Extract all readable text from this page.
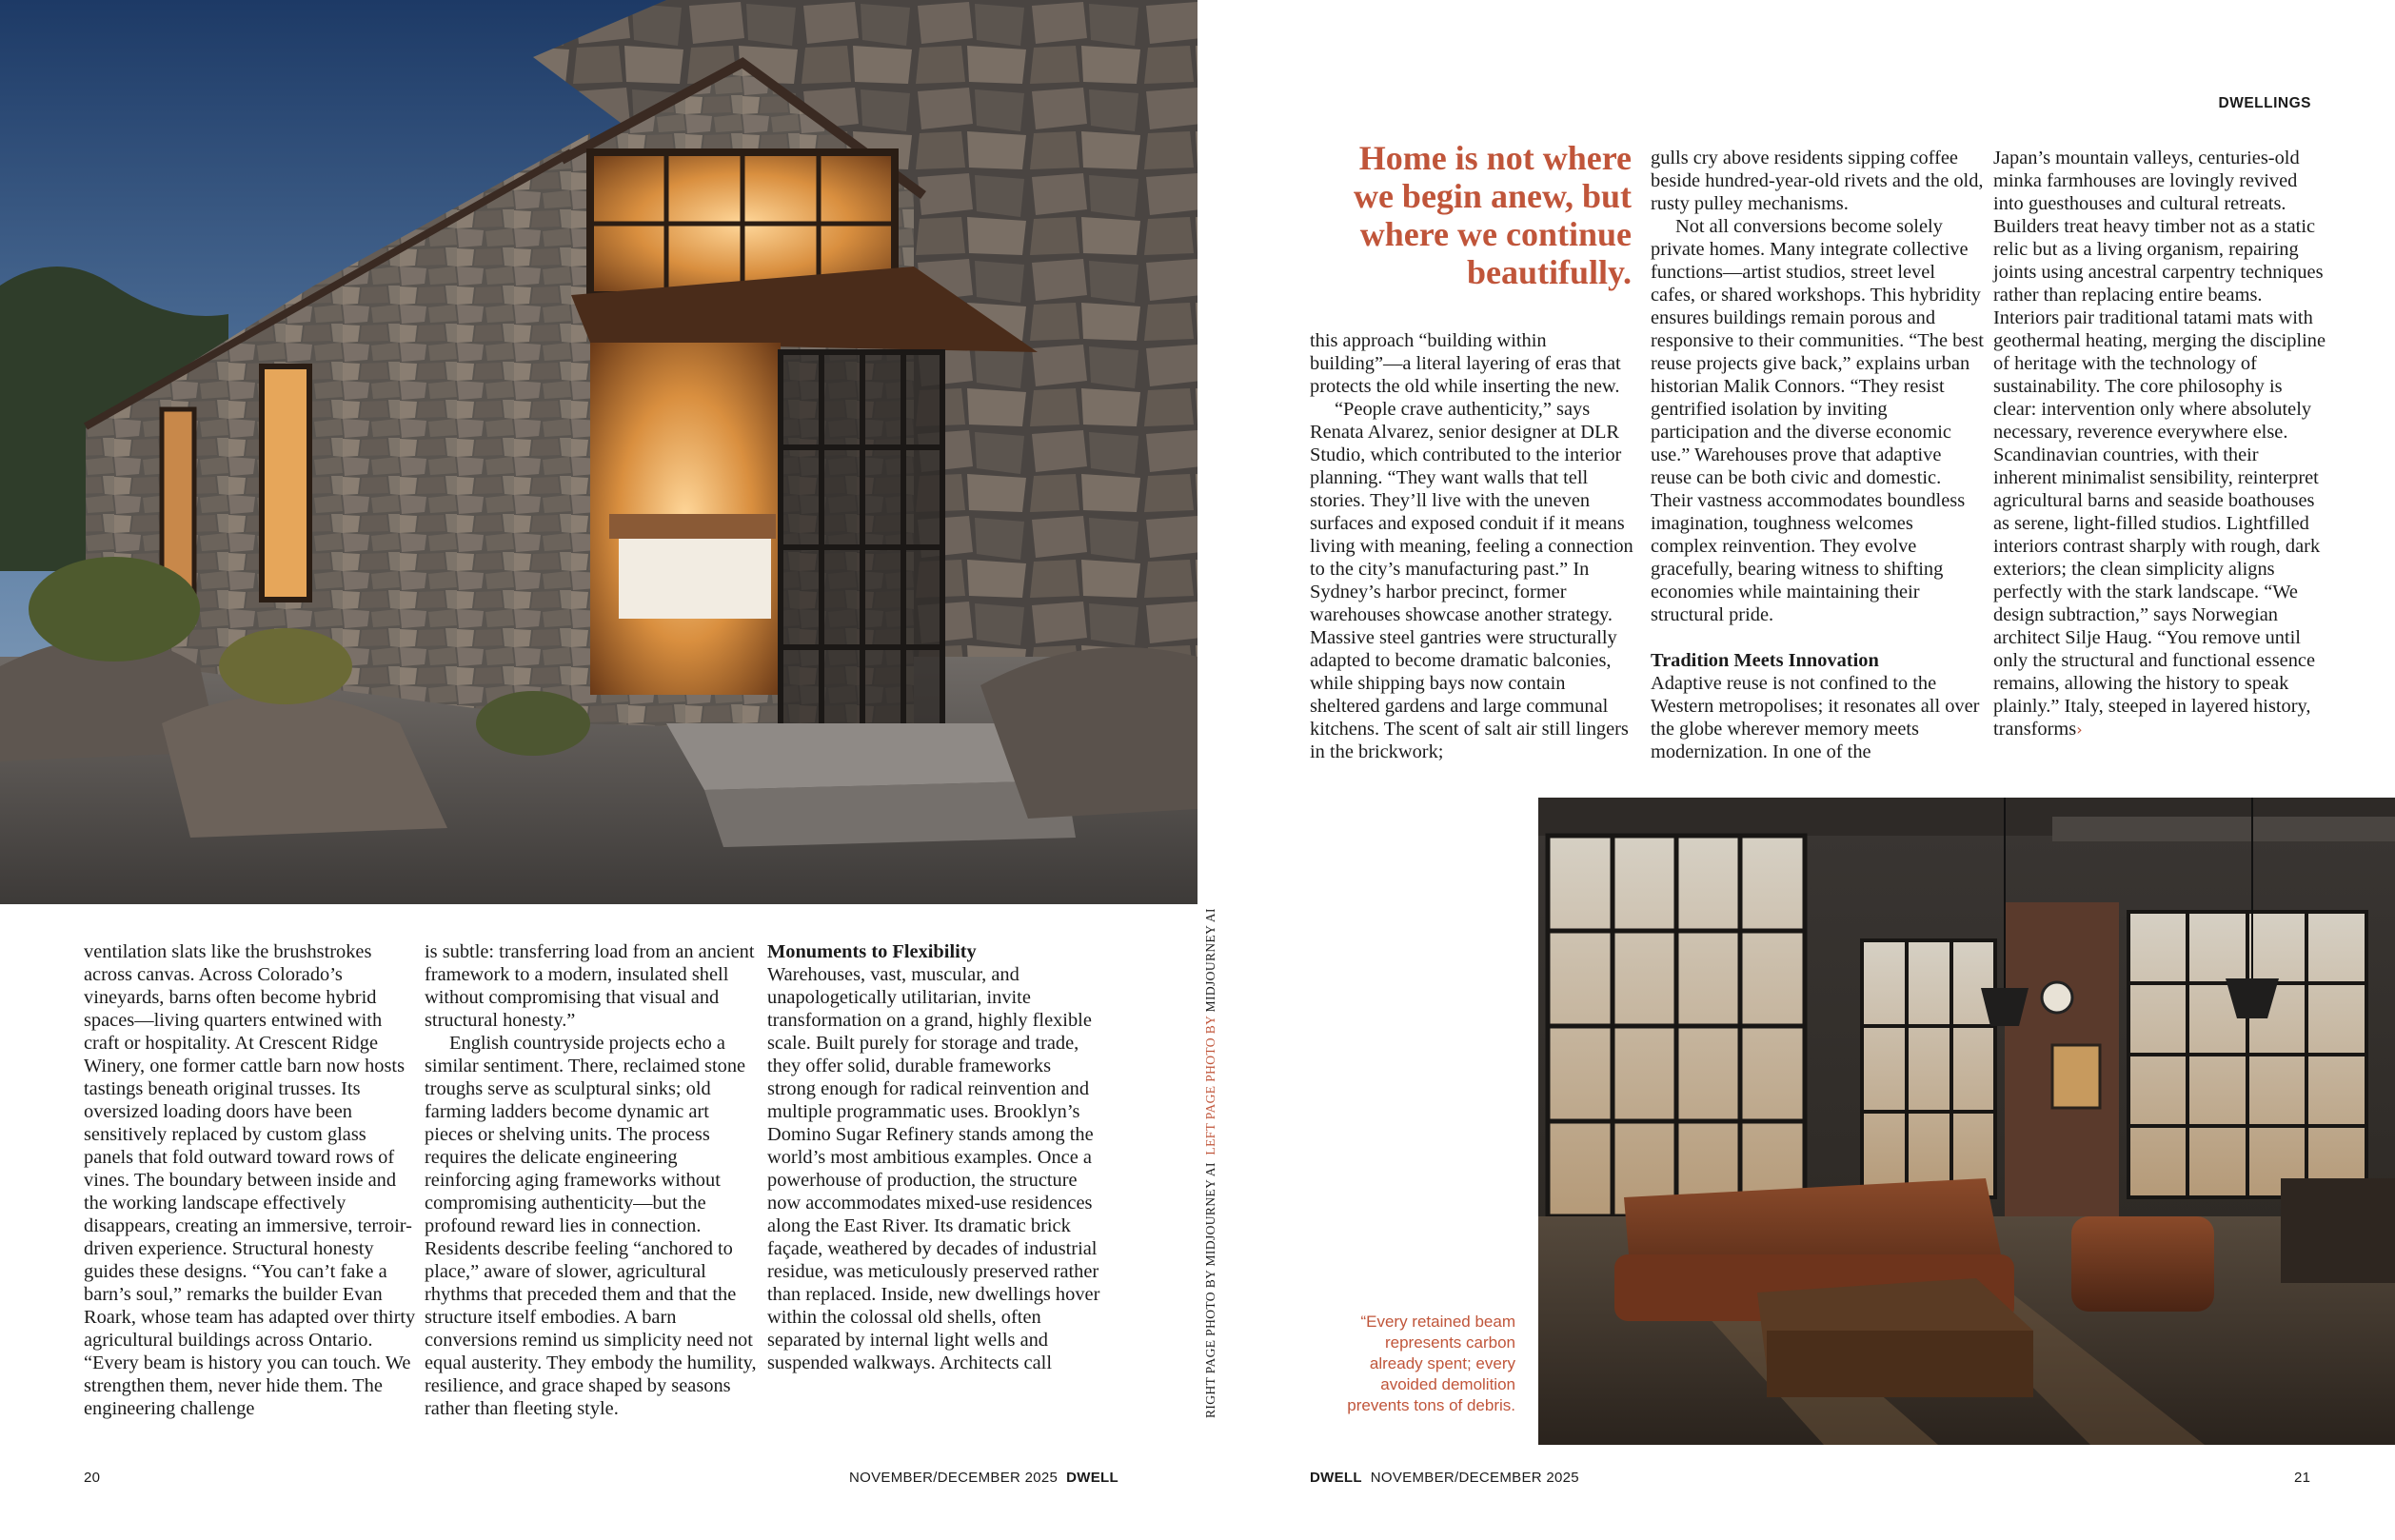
DWELLINGS
Home is not where
we begin anew, but
where we continue
beautifully.

ventilation slats like the brushstrokes across canvas. Across Colorado’s vineyards, barns often become hybrid spaces—living quarters entwined with craft or hospitality. At Crescent Ridge Winery, one former cattle barn now hosts tastings beneath original trusses. Its oversized loading doors have been sensitively replaced by custom glass panels that fold outward toward rows of vines. The boundary between inside and the working landscape effectively disappears, creating an immersive, terroir-driven experience. Structural honesty guides these designs. “You can’t fake a barn’s soul,” remarks the builder Evan Roark, whose team has adapted over thirty agricultural buildings across Ontario. “Every beam is history you can touch. We strengthen them, never hide them. The engineering challenge

is subtle: transferring load from an ancient framework to a modern, insulated shell without compromising that visual and structural honesty.”

English countryside projects echo a similar sentiment. There, reclaimed stone troughs serve as sculptural sinks; old farming ladders become dynamic art pieces or shelving units. The process requires the delicate engineering reinforcing aging frameworks without compromising authenticity—but the profound reward lies in connection. Residents describe feeling “anchored to place,” aware of slower, agricultural rhythms that preceded them and that the structure itself embodies. A barn conversions remind us simplicity need not equal austerity. They embody the humility, resilience, and grace shaped by seasons rather than fleeting style.

Monuments to Flexibility

Warehouses, vast, muscular, and unapologetically utilitarian, invite transformation on a grand, highly flexible scale. Built purely for storage and trade, they offer solid, durable frameworks strong enough for radical reinvention and multiple programmatic uses. Brooklyn’s Domino Sugar Refinery stands among the world’s most ambitious examples. Once a powerhouse of production, the structure now accommodates mixed-use residences along the East River. Its dramatic brick façade, weathered by decades of industrial residue, was meticulously preserved rather than replaced. Inside, new dwellings hover within the colossal old shells, often separated by internal light wells and suspended walkways. Architects call	RIGHT PAGE PHOTO BY MIDJOURNEY AI  LEFT PAGE PHOTO BY MIDJOURNEY AI

this approach “building within building”—a literal layering of eras that protects the old while inserting the new.

“People crave authenticity,” says Renata Alvarez, senior designer at DLR Studio, which contributed to the interior planning. “They want walls that tell stories. They’ll live with the uneven surfaces and exposed conduit if it means living with meaning, feeling a connection to the city’s manufacturing past.” In Sydney’s harbor precinct, former warehouses showcase another strategy. Massive steel gantries were structurally adapted to become dramatic balconies, while shipping bays now contain sheltered gardens and large communal kitchens. The scent of salt air still lingers in the brickwork;

gulls cry above residents sipping coffee beside hundred-year-old rivets and the old, rusty pulley mechanisms.

Not all conversions become solely private homes. Many integrate collective functions—artist studios, street level cafes, or shared workshops. This hybridity ensures buildings remain porous and responsive to their communities. “The best reuse projects give back,” explains urban historian Malik Connors. “They resist gentrified isolation by inviting participation and the diverse economic use.” Warehouses prove that adaptive reuse can be both civic and domestic. Their vastness accommodates boundless imagination, toughness welcomes complex reinvention. They evolve gracefully, bearing witness to shifting economies while maintaining their structural pride.

Tradition Meets Innovation

Adaptive reuse is not confined to the Western metropolises; it resonates all over the globe wherever memory meets modernization. In one of the

Japan’s mountain valleys, centuries-old minka farmhouses are lovingly revived into guesthouses and cultural retreats. Builders treat heavy timber not as a static relic but as a living organism, repairing joints using ancestral carpentry techniques rather than replacing entire beams. Interiors pair traditional tatami mats with geothermal heating, merging the discipline of heritage with the technology of sustainability. The core philosophy is clear: intervention only where absolutely necessary, reverence everywhere else. Scandinavian countries, with their inherent minimalist sensibility, reinterpret agricultural barns and seaside boathouses as serene, light-filled studios. Lightfilled interiors contrast sharply with rough, dark exteriors; the clean simplicity aligns perfectly with the stark landscape. “We design subtraction,” says Norwegian architect Silje Haug. “You remove until only the structural and functional essence remains, allowing the history to speak plainly.” Italy, steeped in layered history, transforms›

“Every retained beam
represents carbon
already spent; every
avoided demolition
prevents tons of debris.
20	NOVEMBER/DECEMBER 2025 DWELL	DWELL NOVEMBER/DECEMBER 2025	21
